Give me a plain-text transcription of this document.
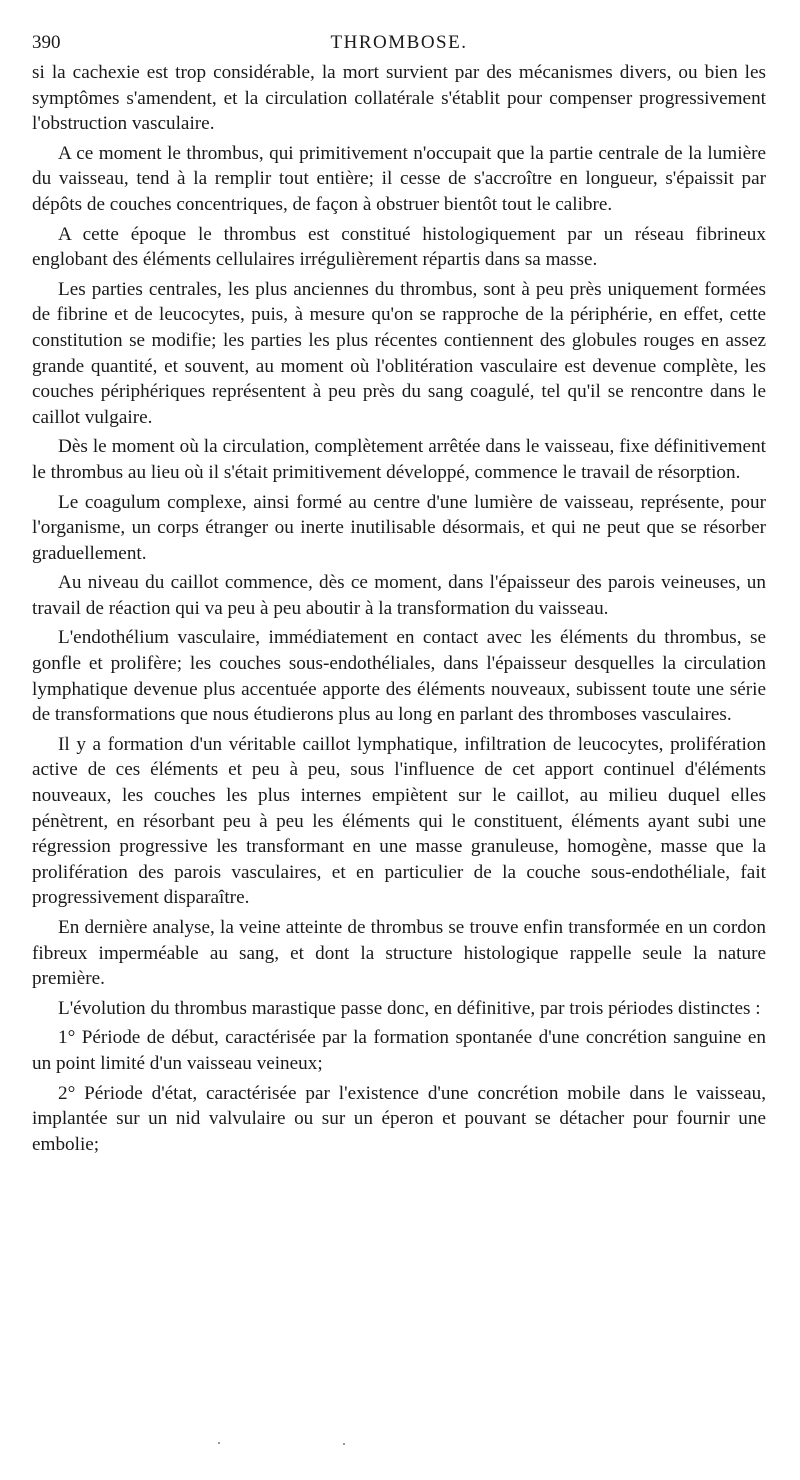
390	THROMBOSE.

si la cachexie est trop considérable, la mort survient par des mécanismes divers, ou bien les symptômes s'amendent, et la circulation collatérale s'établit pour compenser progressivement l'obstruction vasculaire.

A ce moment le thrombus, qui primitivement n'occupait que la partie centrale de la lumière du vaisseau, tend à la remplir tout entière; il cesse de s'accroître en longueur, s'épaissit par dépôts de couches concentriques, de façon à obstruer bientôt tout le calibre.

A cette époque le thrombus est constitué histologiquement par un réseau fibrineux englobant des éléments cellulaires irrégulièrement répartis dans sa masse.

Les parties centrales, les plus anciennes du thrombus, sont à peu près uniquement formées de fibrine et de leucocytes, puis, à mesure qu'on se rapproche de la périphérie, en effet, cette constitution se modifie; les parties les plus récentes contiennent des globules rouges en assez grande quantité, et souvent, au moment où l'oblitération vasculaire est devenue complète, les couches périphériques représentent à peu près du sang coagulé, tel qu'il se rencontre dans le caillot vulgaire.

Dès le moment où la circulation, complètement arrêtée dans le vaisseau, fixe définitivement le thrombus au lieu où il s'était primitivement développé, commence le travail de résorption.

Le coagulum complexe, ainsi formé au centre d'une lumière de vaisseau, représente, pour l'organisme, un corps étranger ou inerte inutilisable désormais, et qui ne peut que se résorber graduellement.

Au niveau du caillot commence, dès ce moment, dans l'épaisseur des parois veineuses, un travail de réaction qui va peu à peu aboutir à la transformation du vaisseau.

L'endothélium vasculaire, immédiatement en contact avec les éléments du thrombus, se gonfle et prolifère; les couches sous-endothéliales, dans l'épaisseur desquelles la circulation lymphatique devenue plus accentuée apporte des éléments nouveaux, subissent toute une série de transformations que nous étudierons plus au long en parlant des thromboses vasculaires.

Il y a formation d'un véritable caillot lymphatique, infiltration de leucocytes, prolifération active de ces éléments et peu à peu, sous l'influence de cet apport continuel d'éléments nouveaux, les couches les plus internes empiètent sur le caillot, au milieu duquel elles pénètrent, en résorbant peu à peu les éléments qui le constituent, éléments ayant subi une régression progressive les transformant en une masse granuleuse, homogène, masse que la prolifération des parois vasculaires, et en particulier de la couche sous-endothéliale, fait progressivement disparaître.

En dernière analyse, la veine atteinte de thrombus se trouve enfin transformée en un cordon fibreux imperméable au sang, et dont la structure histologique rappelle seule la nature première.

L'évolution du thrombus marastique passe donc, en définitive, par trois périodes distinctes :

1° Période de début, caractérisée par la formation spontanée d'une concrétion sanguine en un point limité d'un vaisseau veineux;

2° Période d'état, caractérisée par l'existence d'une concrétion mobile dans le vaisseau, implantée sur un nid valvulaire ou sur un éperon et pouvant se détacher pour fournir une embolie;
